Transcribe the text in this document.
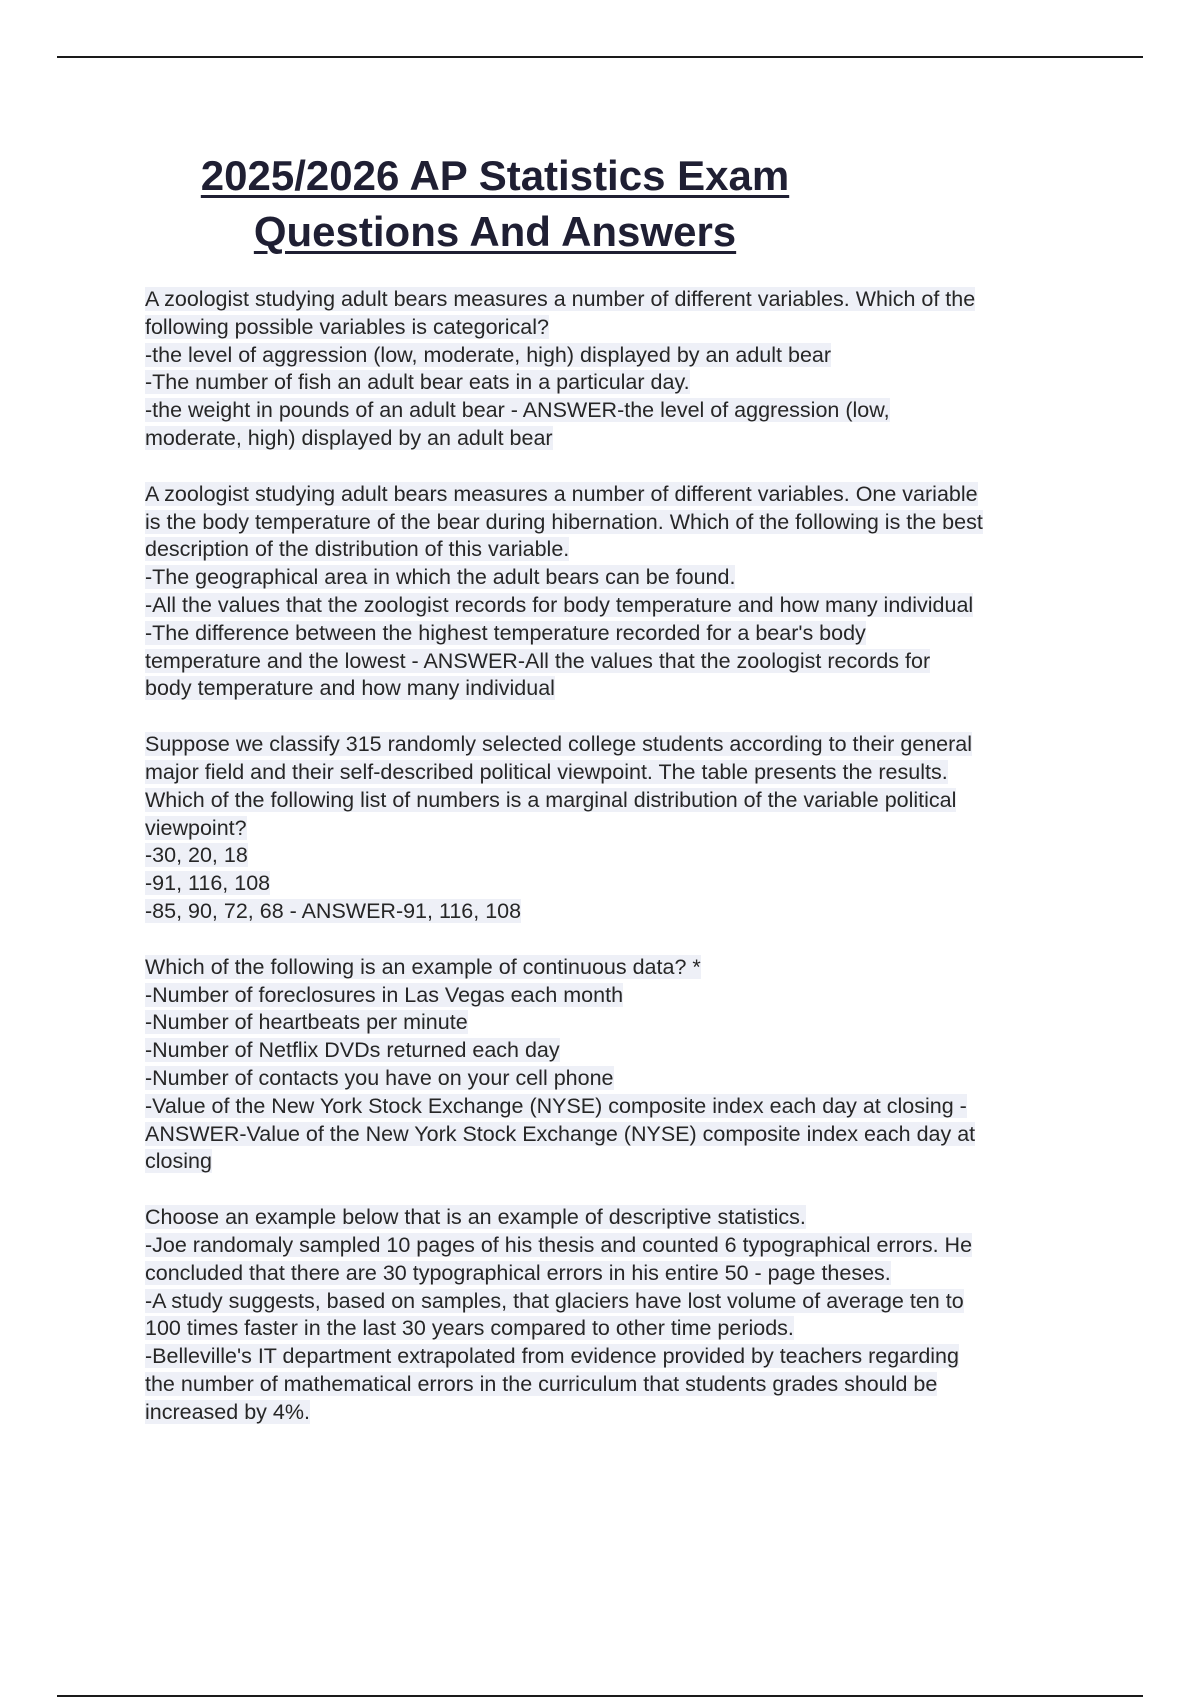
2025/2026 AP Statistics Exam
Questions And Answers
A zoologist studying adult bears measures a number of different variables. Which of the
following possible variables is categorical?
-the level of aggression (low, moderate, high) displayed by an adult bear
-The number of fish an adult bear eats in a particular day.
-the weight in pounds of an adult bear - ANSWER-the level of aggression (low,
moderate, high) displayed by an adult bear
A zoologist studying adult bears measures a number of different variables. One variable
is the body temperature of the bear during hibernation. Which of the following is the best
description of the distribution of this variable.
-The geographical area in which the adult bears can be found.
-All the values that the zoologist records for body temperature and how many individual
-The difference between the highest temperature recorded for a bear's body
temperature and the lowest - ANSWER-All the values that the zoologist records for
body temperature and how many individual
Suppose we classify 315 randomly selected college students according to their general
major field and their self-described political viewpoint. The table presents the results.
Which of the following list of numbers is a marginal distribution of the variable political
viewpoint?
-30, 20, 18
-91, 116, 108
-85, 90, 72, 68 - ANSWER-91, 116, 108
Which of the following is an example of continuous data? *
-Number of foreclosures in Las Vegas each month
-Number of heartbeats per minute
-Number of Netflix DVDs returned each day
-Number of contacts you have on your cell phone
-Value of the New York Stock Exchange (NYSE) composite index each day at closing -
ANSWER-Value of the New York Stock Exchange (NYSE) composite index each day at
closing
Choose an example below that is an example of descriptive statistics.
-Joe randomaly sampled 10 pages of his thesis and counted 6 typographical errors. He
concluded that there are 30 typographical errors in his entire 50 - page theses.
-A study suggests, based on samples, that glaciers have lost volume of average ten to
100 times faster in the last 30 years compared to other time periods.
-Belleville's IT department extrapolated from evidence provided by teachers regarding
the number of mathematical errors in the curriculum that students grades should be
increased by 4%.
